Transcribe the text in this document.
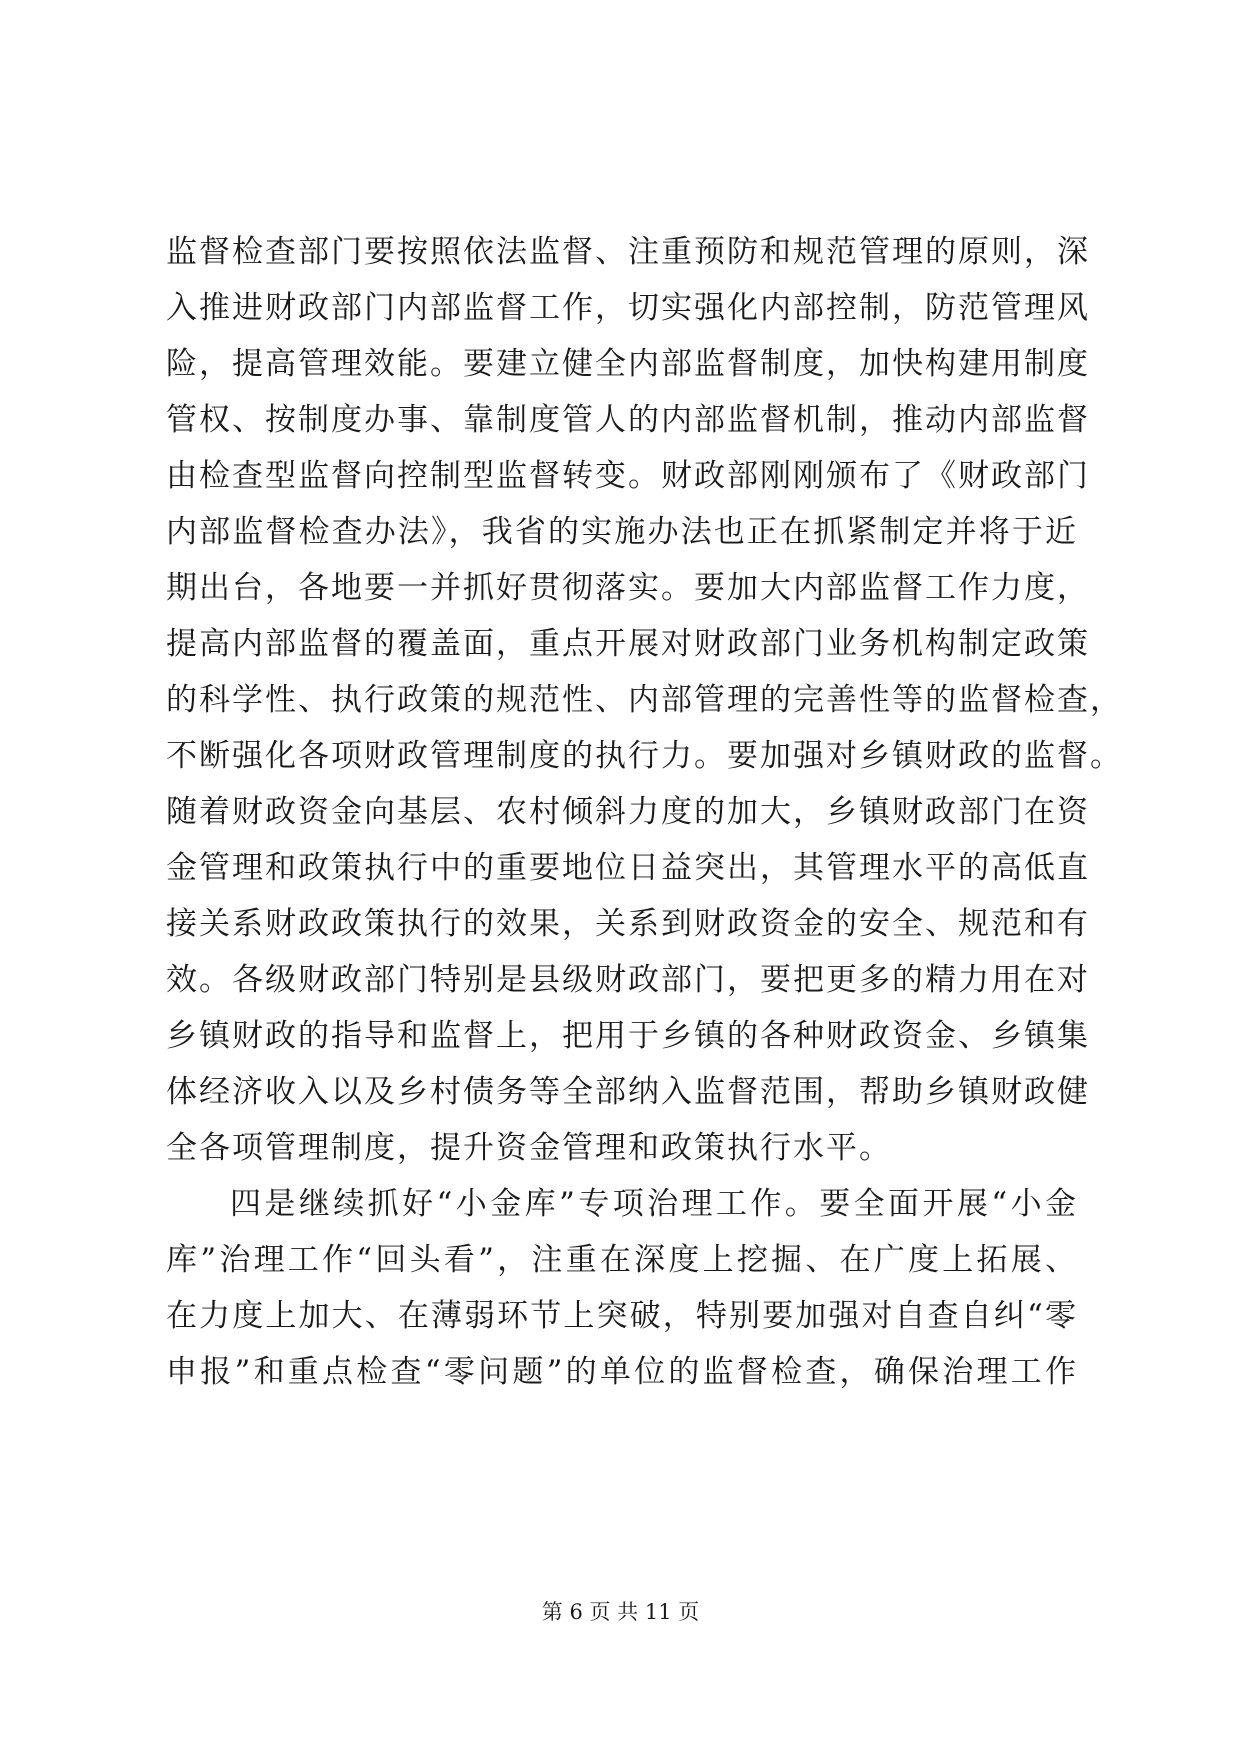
监督检查部门要按照依法监督、注重预防和规范管理的原则，深
入推进财政部门内部监督工作，切实强化内部控制，防范管理风
险，提高管理效能。要建立健全内部监督制度，加快构建用制度
管权、按制度办事、靠制度管人的内部监督机制，推动内部监督
由检查型监督向控制型监督转变。财政部刚刚颁布了《财政部门
内部监督检查办法》，我省的实施办法也正在抓紧制定并将于近
期出台，各地要一并抓好贯彻落实。要加大内部监督工作力度，
提高内部监督的覆盖面，重点开展对财政部门业务机构制定政策
的科学性、执行政策的规范性、内部管理的完善性等的监督检查，
不断强化各项财政管理制度的执行力。要加强对乡镇财政的监督。
随着财政资金向基层、农村倾斜力度的加大，乡镇财政部门在资
金管理和政策执行中的重要地位日益突出，其管理水平的高低直
接关系财政政策执行的效果，关系到财政资金的安全、规范和有
效。各级财政部门特别是县级财政部门，要把更多的精力用在对
乡镇财政的指导和监督上，把用于乡镇的各种财政资金、乡镇集
体经济收入以及乡村债务等全部纳入监督范围，帮助乡镇财政健
全各项管理制度，提升资金管理和政策执行水平。
四是继续抓好“小金库”专项治理工作。要全面开展“小金
库”治理工作“回头看”，注重在深度上挖掘、在广度上拓展、
在力度上加大、在薄弱环节上突破，特别要加强对自查自纠“零
申报”和重点检查“零问题”的单位的监督检查，确保治理工作
第 6 页 共 11 页
